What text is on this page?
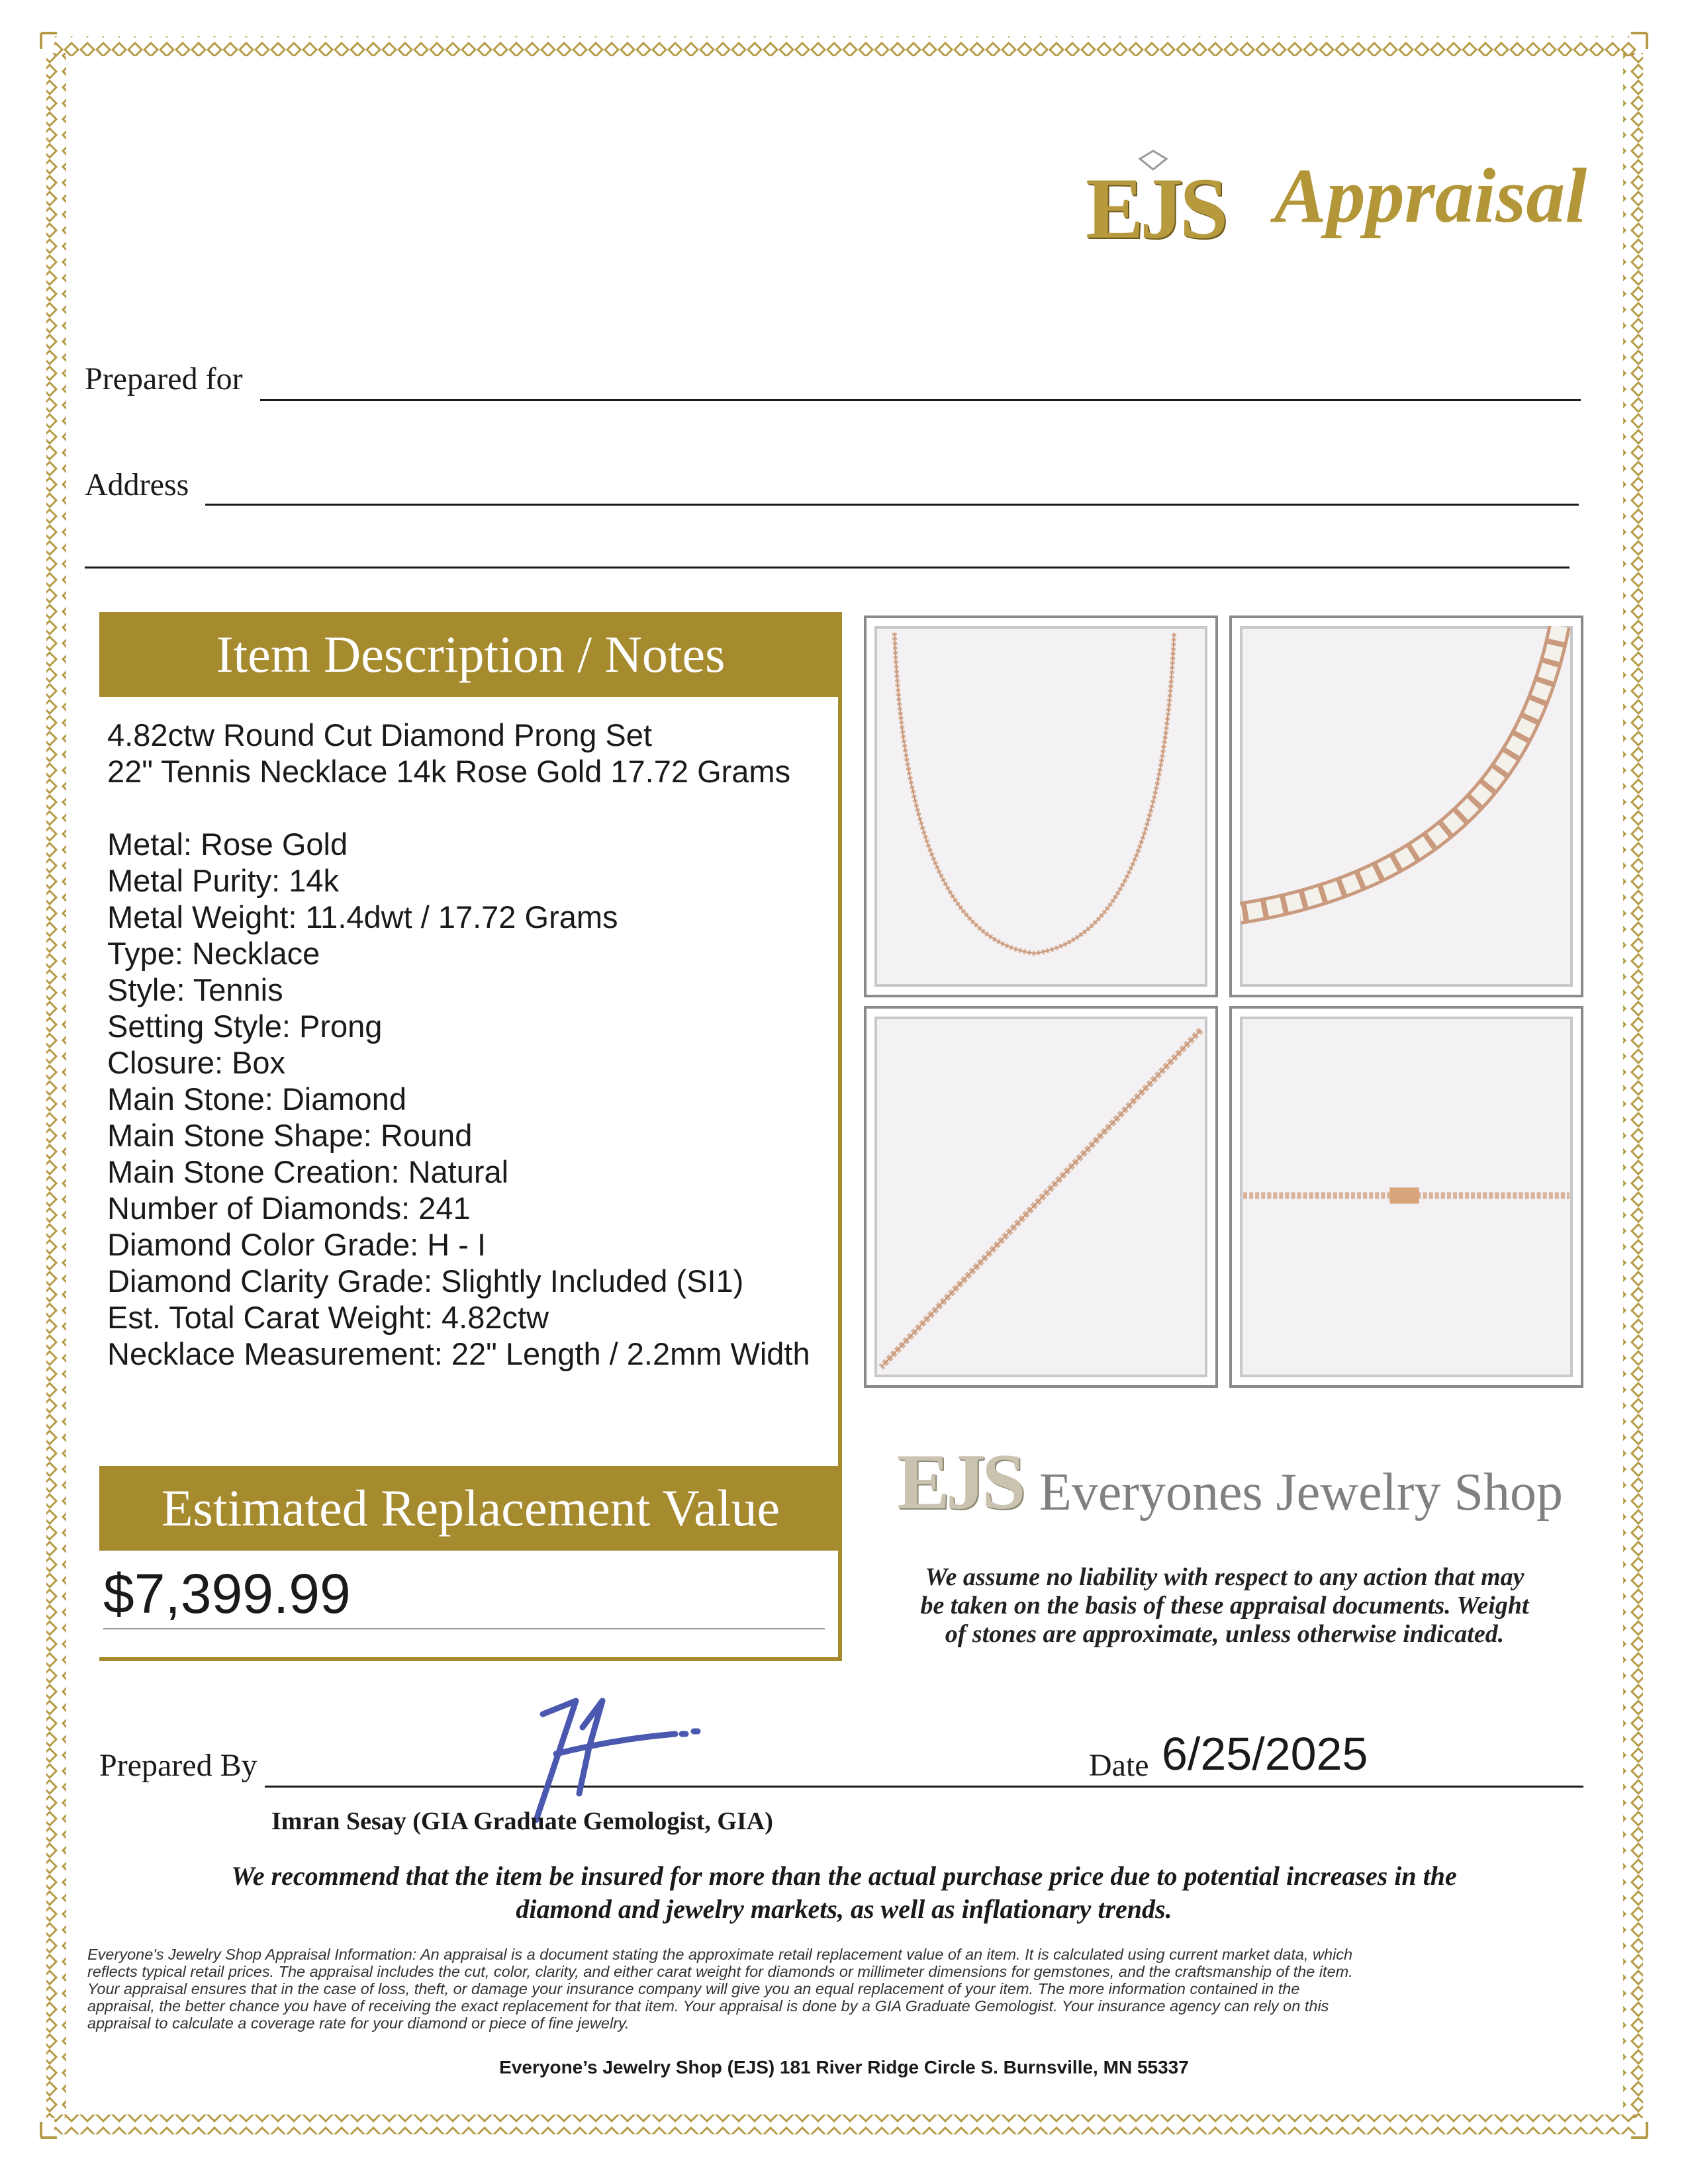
EJS Appraisal
Prepared for
Address
Item Description / Notes
4.82ctw Round Cut Diamond Prong Set
22" Tennis Necklace 14k Rose Gold 17.72 Grams
Metal: Rose Gold
Metal Purity: 14k
Metal Weight: 11.4dwt / 17.72 Grams
Type: Necklace
Style: Tennis
Setting Style: Prong
Closure: Box
Main Stone: Diamond
Main Stone Shape: Round
Main Stone Creation: Natural
Number of Diamonds: 241
Diamond Color Grade: H - I
Diamond Clarity Grade: Slightly Included (SI1)
Est. Total Carat Weight: 4.82ctw
Necklace Measurement: 22" Length / 2.2mm Width
Estimated Replacement Value
$7,399.99
EJS Everyones Jewelry Shop
We assume no liability with respect to any action that may
be taken on the basis of these appraisal documents. Weight
of stones are approximate, unless otherwise indicated.
Prepared By	Date 6/25/2025
Imran Sesay (GIA Graduate Gemologist, GIA)
We recommend that the item be insured for more than the actual purchase price due to potential increases in the
diamond and jewelry markets, as well as inflationary trends.
Everyone's Jewelry Shop Appraisal Information: An appraisal is a document stating the approximate retail replacement value of an item. It is calculated using current market data, which
reflects typical retail prices. The appraisal includes the cut, color, clarity, and either carat weight for diamonds or millimeter dimensions for gemstones, and the craftsmanship of the item.
Your appraisal ensures that in the case of loss, theft, or damage your insurance company will give you an equal replacement of your item. The more information contained in the
appraisal, the better chance you have of receiving the exact replacement for that item. Your appraisal is done by a GIA Graduate Gemologist. Your insurance agency can rely on this
appraisal to calculate a coverage rate for your diamond or piece of fine jewelry.
Everyone’s Jewelry Shop (EJS) 181 River Ridge Circle S. Burnsville, MN 55337
